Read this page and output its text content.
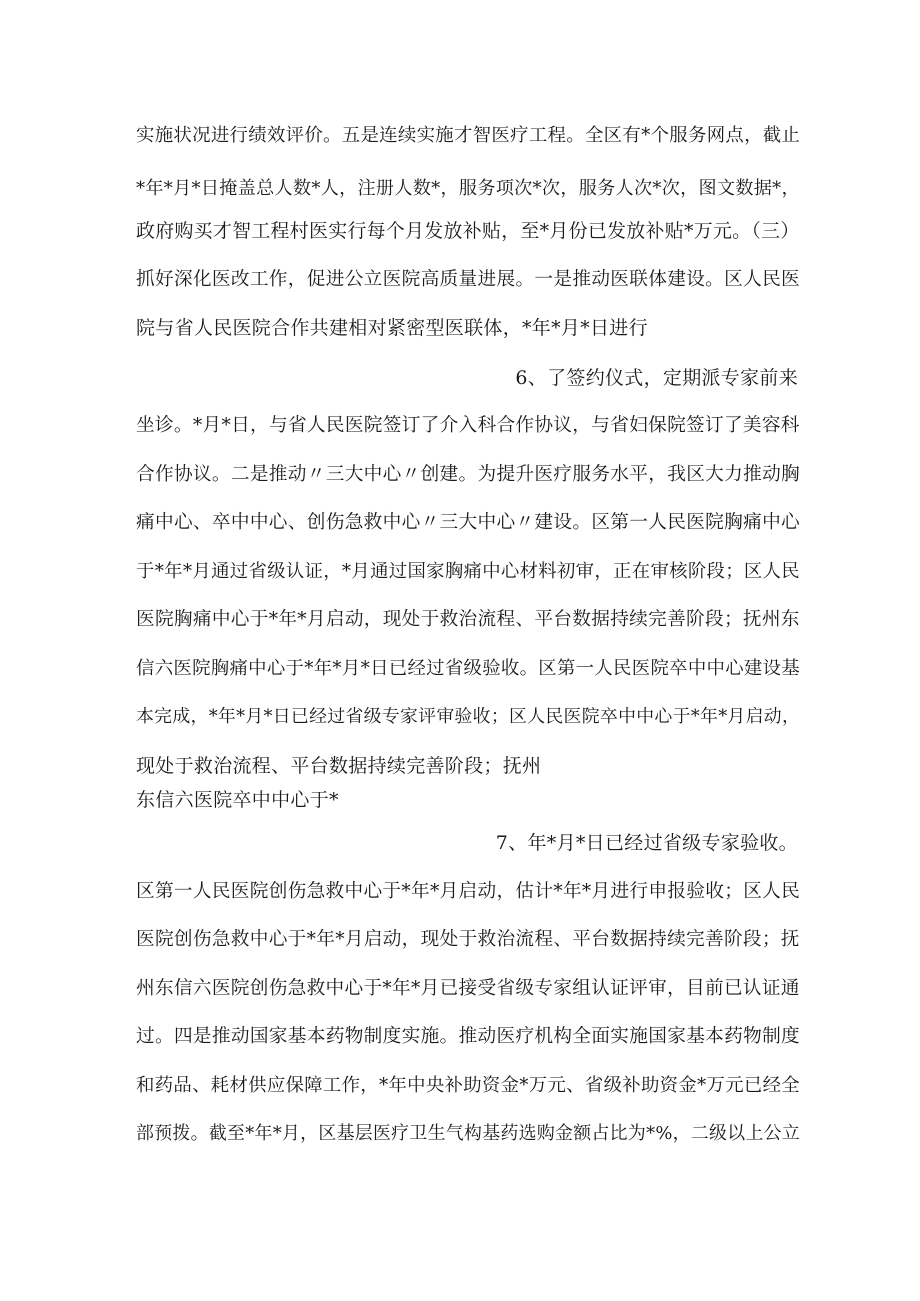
实施状况进行绩效评价。五是连续实施才智医疗工程。全区有*个服务网点，截止
*年*月*日掩盖总人数*人，注册人数*，服务项次*次，服务人次*次，图文数据*，
政府购买才智工程村医实行每个月发放补贴，至*月份已发放补贴*万元。（三）
抓好深化医改工作，促进公立医院高质量进展。一是推动医联体建设。区人民医
院与省人民医院合作共建相对紧密型医联体，*年*月*日进行
6、了签约仪式，定期派专家前来
坐诊。*月*日，与省人民医院签订了介入科合作协议，与省妇保院签订了美容科
合作协议。二是推动〃三大中心〃创建。为提升医疗服务水平，我区大力推动胸
痛中心、卒中中心、创伤急救中心〃三大中心〃建设。区第一人民医院胸痛中心
于*年*月通过省级认证，*月通过国家胸痛中心材料初审，正在审核阶段；区人民
医院胸痛中心于*年*月启动，现处于救治流程、平台数据持续完善阶段；抚州东
信六医院胸痛中心于*年*月*日已经过省级验收。区第一人民医院卒中中心建设基
本完成，*年*月*日已经过省级专家评审验收；区人民医院卒中中心于*年*月启动，
现处于救治流程、平台数据持续完善阶段；抚州
东信六医院卒中中心于*
7、年*月*日已经过省级专家验收。
区第一人民医院创伤急救中心于*年*月启动，估计*年*月进行申报验收；区人民
医院创伤急救中心于*年*月启动，现处于救治流程、平台数据持续完善阶段；抚
州东信六医院创伤急救中心于*年*月已接受省级专家组认证评审，目前已认证通
过。四是推动国家基本药物制度实施。推动医疗机构全面实施国家基本药物制度
和药品、耗材供应保障工作，*年中央补助资金*万元、省级补助资金*万元已经全
部预拨。截至*年*月，区基层医疗卫生气构基药选购金额占比为*%，二级以上公立
